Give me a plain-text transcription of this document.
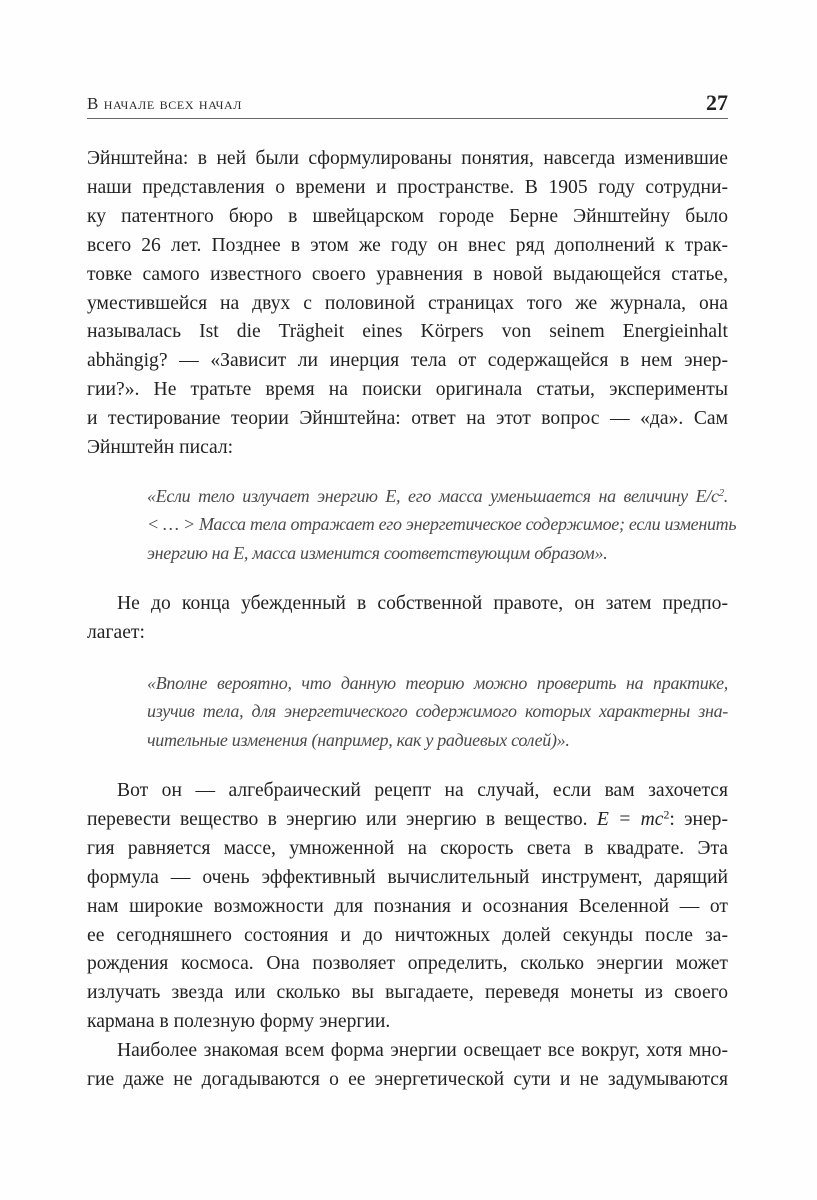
В начале всех начал	27
Эйнштейна: в ней были сформулированы понятия, навсегда изменившие
наши представления о времени и пространстве. В 1905 году сотрудни-
ку патентного бюро в швейцарском городе Берне Эйнштейну было
всего 26 лет. Позднее в этом же году он внес ряд дополнений к трак-
товке самого известного своего уравнения в новой выдающейся статье,
уместившейся на двух с половиной страницах того же журнала, она
называлась Ist die Trägheit eines Körpers von seinem Energieinhalt
abhängig? — «Зависит ли инерция тела от содержащейся в нем энер-
гии?». Не тратьте время на поиски оригинала статьи, эксперименты
и тестирование теории Эйнштейна: ответ на этот вопрос — «да». Сам
Эйнштейн писал:
«Если тело излучает энергию E, его масса уменьшается на величину $E/c^2$.
< … > Масса тела отражает его энергетическое содержимое; если изменить
энергию на E, масса изменится соответствующим образом».
Не до конца убежденный в собственной правоте, он затем предпо-
лагает:
«Вполне вероятно, что данную теорию можно проверить на практике,
изучив тела, для энергетического содержимого которых характерны зна-
чительные изменения (например, как у радиевых солей)».
Вот он — алгебраический рецепт на случай, если вам захочется
перевести вещество в энергию или энергию в вещество. $E = mc^2$: энер-
гия равняется массе, умноженной на скорость света в квадрате. Эта
формула — очень эффективный вычислительный инструмент, дарящий
нам широкие возможности для познания и осознания Вселенной — от
ее сегодняшнего состояния и до ничтожных долей секунды после за-
рождения космоса. Она позволяет определить, сколько энергии может
излучать звезда или сколько вы выгадаете, переведя монеты из своего
кармана в полезную форму энергии.
Наиболее знакомая всем форма энергии освещает все вокруг, хотя мно-
гие даже не догадываются о ее энергетической сути и не задумываются
